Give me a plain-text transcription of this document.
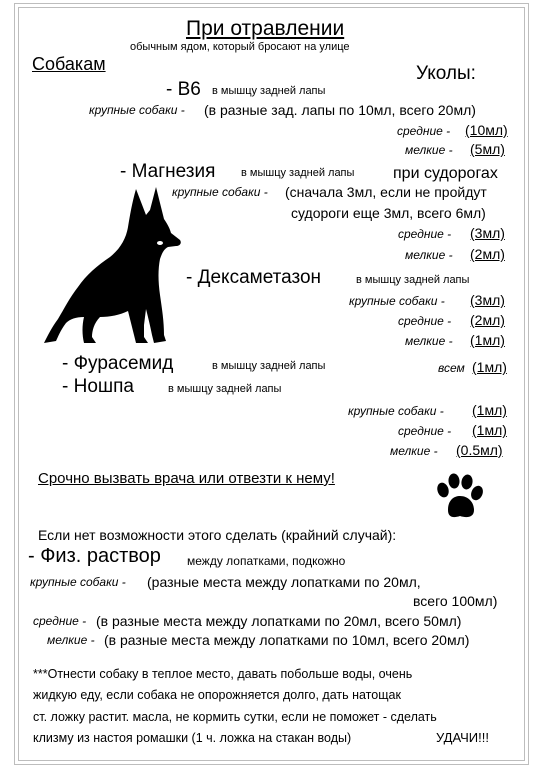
При отравлении
обычным ядом, который бросают на улице
Собакам	Уколы:
- В6 в мышцу задней лапы
крупные собаки - (в разные зад. лапы по 10мл, всего 20мл)
средние - (10мл)
мелкие - (5мл)
- Магнезия в мышцу задней лапы при судорогах
крупные собаки - (сначала 3мл, если не пройдут
судороги еще 3мл, всего 6мл)
средние - (3мл)
мелкие - (2мл)
- Дексаметазон	в мышцу задней лапы
крупные собаки - (3мл)
средние - (2мл)
мелкие - (1мл)
- Фурасемид	в мышцу задней лапы	всем (1мл)
- Ношпа	в мышцу задней лапы
крупные собаки - (1мл)
средние - (1мл)
мелкие - (0.5мл)
Срочно вызвать врача или отвезти к нему!
Если нет возможности этого сделать (крайний случай):
- Физ. раствор между лопатками, подкожно
крупные собаки - (разные места между лопатками по 20мл,
всего 100мл)
средние - (в разные места между лопатками по 20мл, всего 50мл)
мелкие - (в разные места между лопатками по 10мл, всего 20мл)
***Отнести собаку в теплое место, давать побольше воды, очень
жидкую еду, если собака не опорожняется долго, дать натощак
ст. ложку растит. масла, не кормить сутки, если не поможет - сделать
клизму из настоя ромашки (1 ч. ложка на стакан воды)	УДАЧИ!!!
